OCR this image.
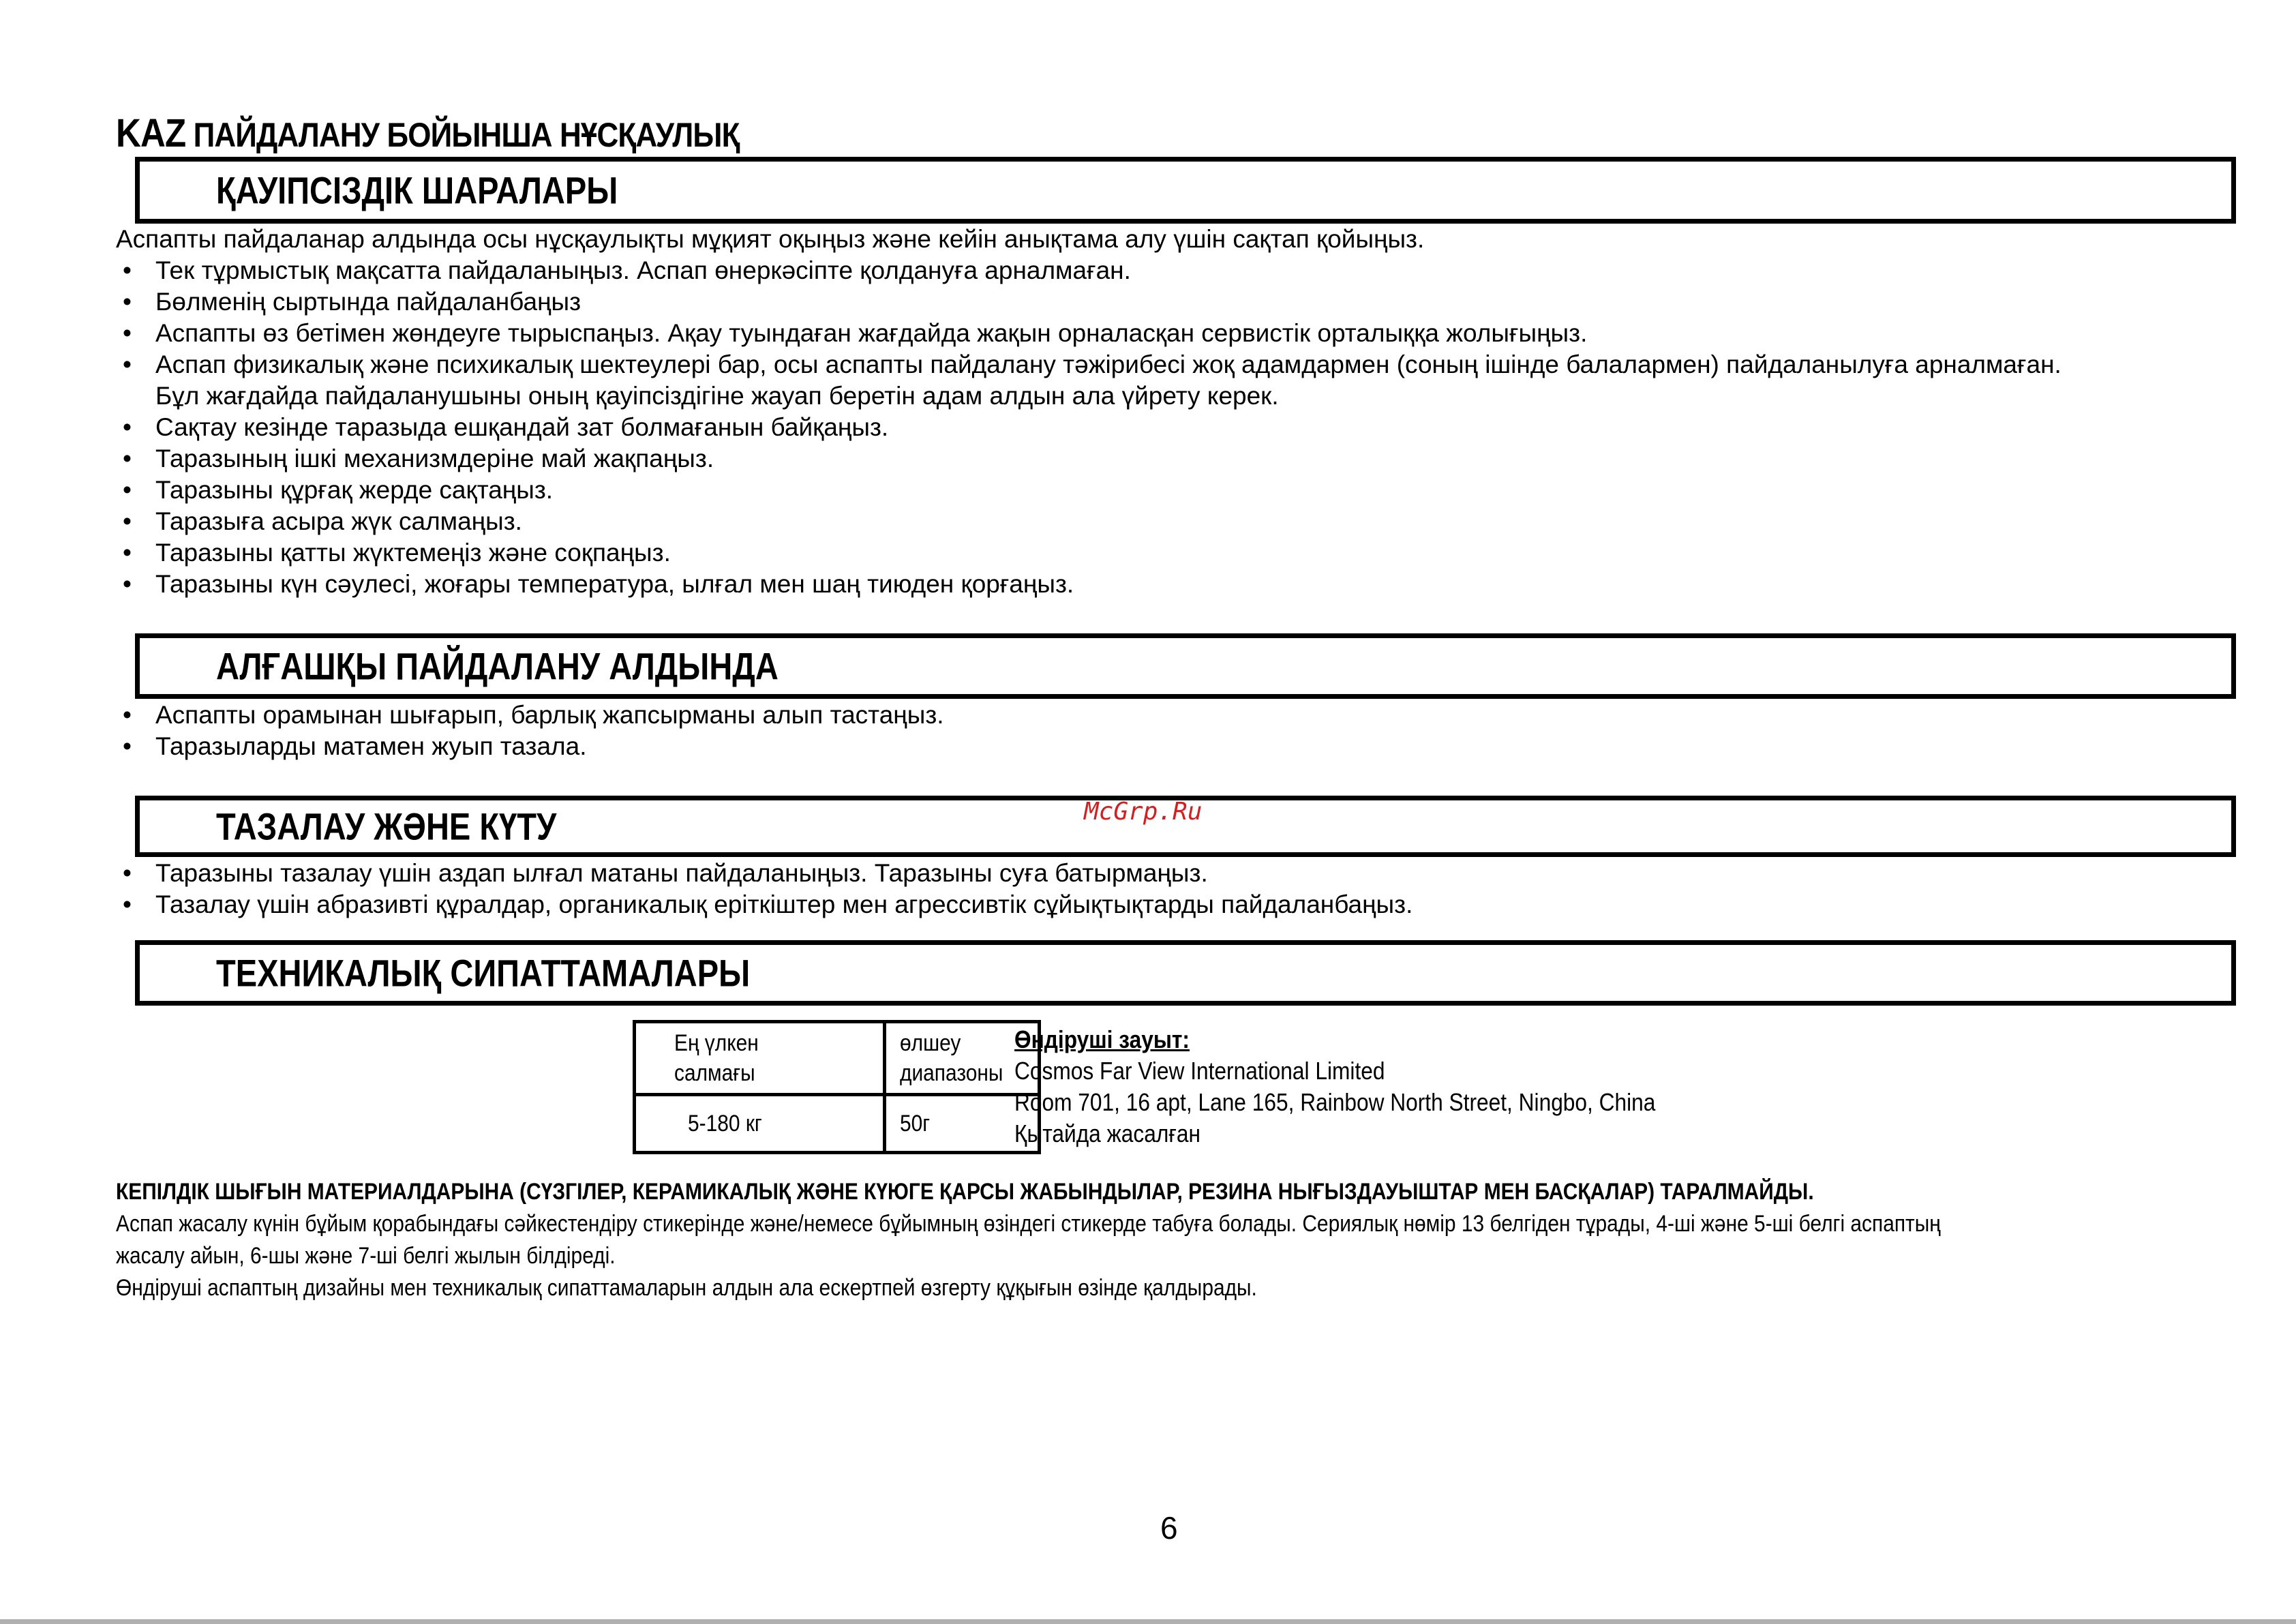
KAZ ПАЙДАЛАНУ БОЙЫНША НҰСҚАУЛЫҚ
ҚАУІПСІЗДІК ШАРАЛАРЫ
Аспапты пайдаланар алдында осы нұсқаулықты мұқият оқыңыз және кейін анықтама алу үшін сақтап қойыңыз.
• Тек тұрмыстық мақсатта пайдаланыңыз. Аспап өнеркәсіпте қолдануға арналмаған.
• Бөлменің сыртында пайдаланбаңыз
• Аспапты өз бетімен жөндеуге тырыспаңыз. Ақау туындаған жағдайда жақын орналасқан сервистік орталыққа жолығыңыз.
• Аспап физикалық және психикалық шектеулері бар, осы аспапты пайдалану тәжірибесі жоқ адамдармен (соның ішінде балалармен) пайдаланылуға арналмаған.
Бұл жағдайда пайдаланушыны оның қауіпсіздігіне жауап беретін адам алдын ала үйрету керек.
• Сақтау кезінде таразыда ешқандай зат болмағанын байқаңыз.
• Таразының ішкі механизмдеріне май жақпаңыз.
• Таразыны құрғақ жерде сақтаңыз.
• Таразыға асыра жүк салмаңыз.
• Таразыны қатты жүктемеңіз және соқпаңыз.
• Таразыны күн сәулесі, жоғары температура, ылғал мен шаң тиюден қорғаңыз.
АЛҒАШҚЫ ПАЙДАЛАНУ АЛДЫНДА
• Аспапты орамынан шығарып, барлық жапсырманы алып тастаңыз.
• Таразыларды матамен жуып тазала.
ТАЗАЛАУ ЖӘНЕ КҮТУ	McGrp.Ru
• Таразыны тазалау үшін аздап ылғал матаны пайдаланыңыз. Таразыны суға батырмаңыз.
• Тазалау үшін абразивті құралдар, органикалық еріткіштер мен агрессивтік сұйықтықтарды пайдаланбаңыз.
ТЕХНИКАЛЫҚ СИПАТТАМАЛАРЫ
Ең үлкен
салмағы	өлшеу
диапазоны
5-180 кг	50г
Өндіруші зауыт:
Cosmos Far View International Limited
Room 701, 16 apt, Lane 165, Rainbow North Street, Ningbo, China
Қытайда жасалған

КЕПІЛДІК ШЫҒЫН МАТЕРИАЛДАРЫНА (СҮЗГІЛЕР, КЕРАМИКАЛЫҚ ЖӘНЕ КҮЮГЕ ҚАРСЫ ЖАБЫНДЫЛАР, РЕЗИНА НЫҒЫЗДАУЫШТАР МЕН БАСҚАЛАР) ТАРАЛМАЙДЫ.

Аспап жасалу күнін бұйым қорабындағы сәйкестендіру стикерінде және/немесе бұйымның өзіндегі стикерде табуға болады. Сериялық нөмір 13 белгіден тұрады, 4-ші және 5-ші белгі аспаптың

жасалу айын, 6-шы және 7-ші белгі жылын білдіреді.

Өндіруші аспаптың дизайны мен техникалық сипаттамаларын алдын ала ескертпей өзгерту құқығын өзінде қалдырады.

6
